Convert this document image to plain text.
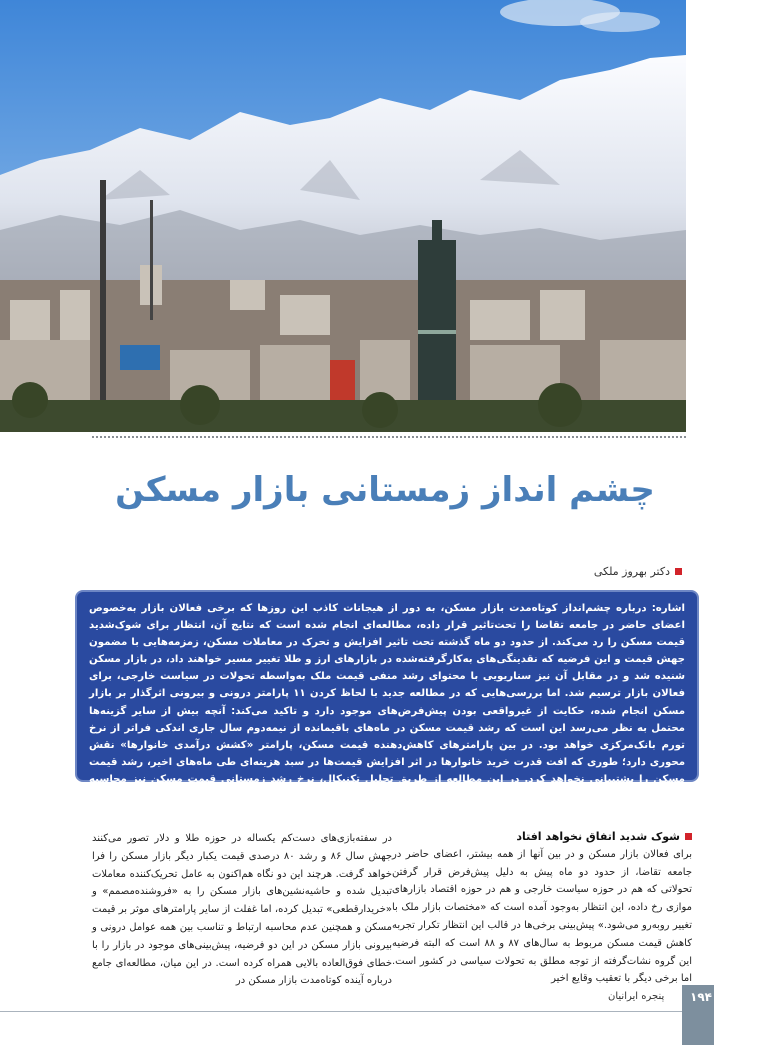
چشم انداز زمستانی بازار مسکن
دکتر بهروز ملکی

اشاره: درباره چشم‌انداز کوتاه‌مدت بازار مسکن، به دور از هیجانات کاذب این روزها که برخی فعالان بازار به‌خصوص اعضای حاضر در جامعه تقاضا را تحت‌تاثیر قرار داده، مطالعه‌ای انجام شده است که نتایج آن، انتظار برای شوک‌شدید قیمت مسکن را رد می‌کند. از حدود دو ماه گذشته تحت تاثیر افزایش و تحرک در معاملات مسکن، زمزمه‌هایی با مضمون جهش قیمت و این فرضیه که نقدینگی‌های به‌کارگرفته‌شده در بازارهای ارز و طلا تغییر مسیر خواهند داد، در بازار مسکن شنیده شد و در مقابل آن نیز سناریویی با محتوای رشد منفی قیمت ملک به‌واسطه تحولات در سیاست خارجی، برای فعالان بازار ترسیم شد. اما بررسی‌هایی که در مطالعه جدید با لحاظ کردن ۱۱ پارامتر درونی و بیرونی اثرگذار بر بازار مسکن انجام شده، حکایت از غیرواقعی بودن پیش‌فرض‌های موجود دارد و تاکید می‌کند: آنچه بیش از سایر گزینه‌ها محتمل به نظر می‌رسد این است که رشد قیمت مسکن در ماه‌های باقیمانده از نیمه‌دوم سال جاری اندکی فراتر از نرخ تورم بانک‌مرکزی خواهد بود. در بین پارامترهای کاهش‌دهنده قیمت مسکن، پارامتر «کشش درآمدی خانوارها» نقش محوری دارد؛ طوری که افت قدرت خرید خانوارها در اثر افزایش قیمت‌ها در سبد هزینه‌ای طی ماه‌های اخیر، رشد قیمت مسکن را پشتیبانی نخواهد کرد. در این مطالعه از طریق تحلیل تکنیکال، نرخ رشد زمستانی قیمت مسکن نیز محاسبه شده است.

شوک شدید اتفاق نخواهد افتاد

برای فعالان بازار مسکن و در بین آنها از همه بیشتر، اعضای حاضر در جامعه تقاضا، از حدود دو ماه پیش به دلیل پیش‌فرض قرار گرفتن تحولاتی که هم در حوزه سیاست خارجی و هم در حوزه اقتصاد بازارهای موازی رخ داده، این انتظار به‌وجود آمده است که «مختصات بازار ملک با تغییر روبه‌رو می‌شود.» پیش‌بینی برخی‌ها در قالب این انتظار تکرار تجربه کاهش قیمت مسکن مربوط به سال‌های ۸۷ و ۸۸ است که البته فرضیه این گروه نشات‌گرفته از توجه مطلق به تحولات سیاسی در کشور است. اما برخی دیگر با تعقیب وقایع اخیر

در سفته‌بازی‌های دست‌کم یکساله در حوزه طلا و دلار تصور می‌کنند جهش سال ۸۶ و رشد ۸۰ درصدی قیمت یکبار دیگر بازار مسکن را فرا خواهد گرفت. هرچند این دو نگاه هم‌اکنون به عامل تحریک‌کننده معاملات تبدیل شده و حاشیه‌نشین‌های بازار مسکن را به «فروشنده‌مصمم» و «خریدارقطعی» تبدیل کرده، اما غفلت از سایر پارامترهای موثر بر قیمت مسکن و همچنین عدم محاسبه ارتباط و تناسب بین همه عوامل درونی و بیرونی بازار مسکن در این دو فرضیه، پیش‌بینی‌های موجود در بازار را با خطای فوق‌العاده بالایی همراه کرده است. در این میان، مطالعه‌ای جامع درباره آینده کوتاه‌مدت بازار مسکن در

۱۹۴
پنجره ایرانیان
